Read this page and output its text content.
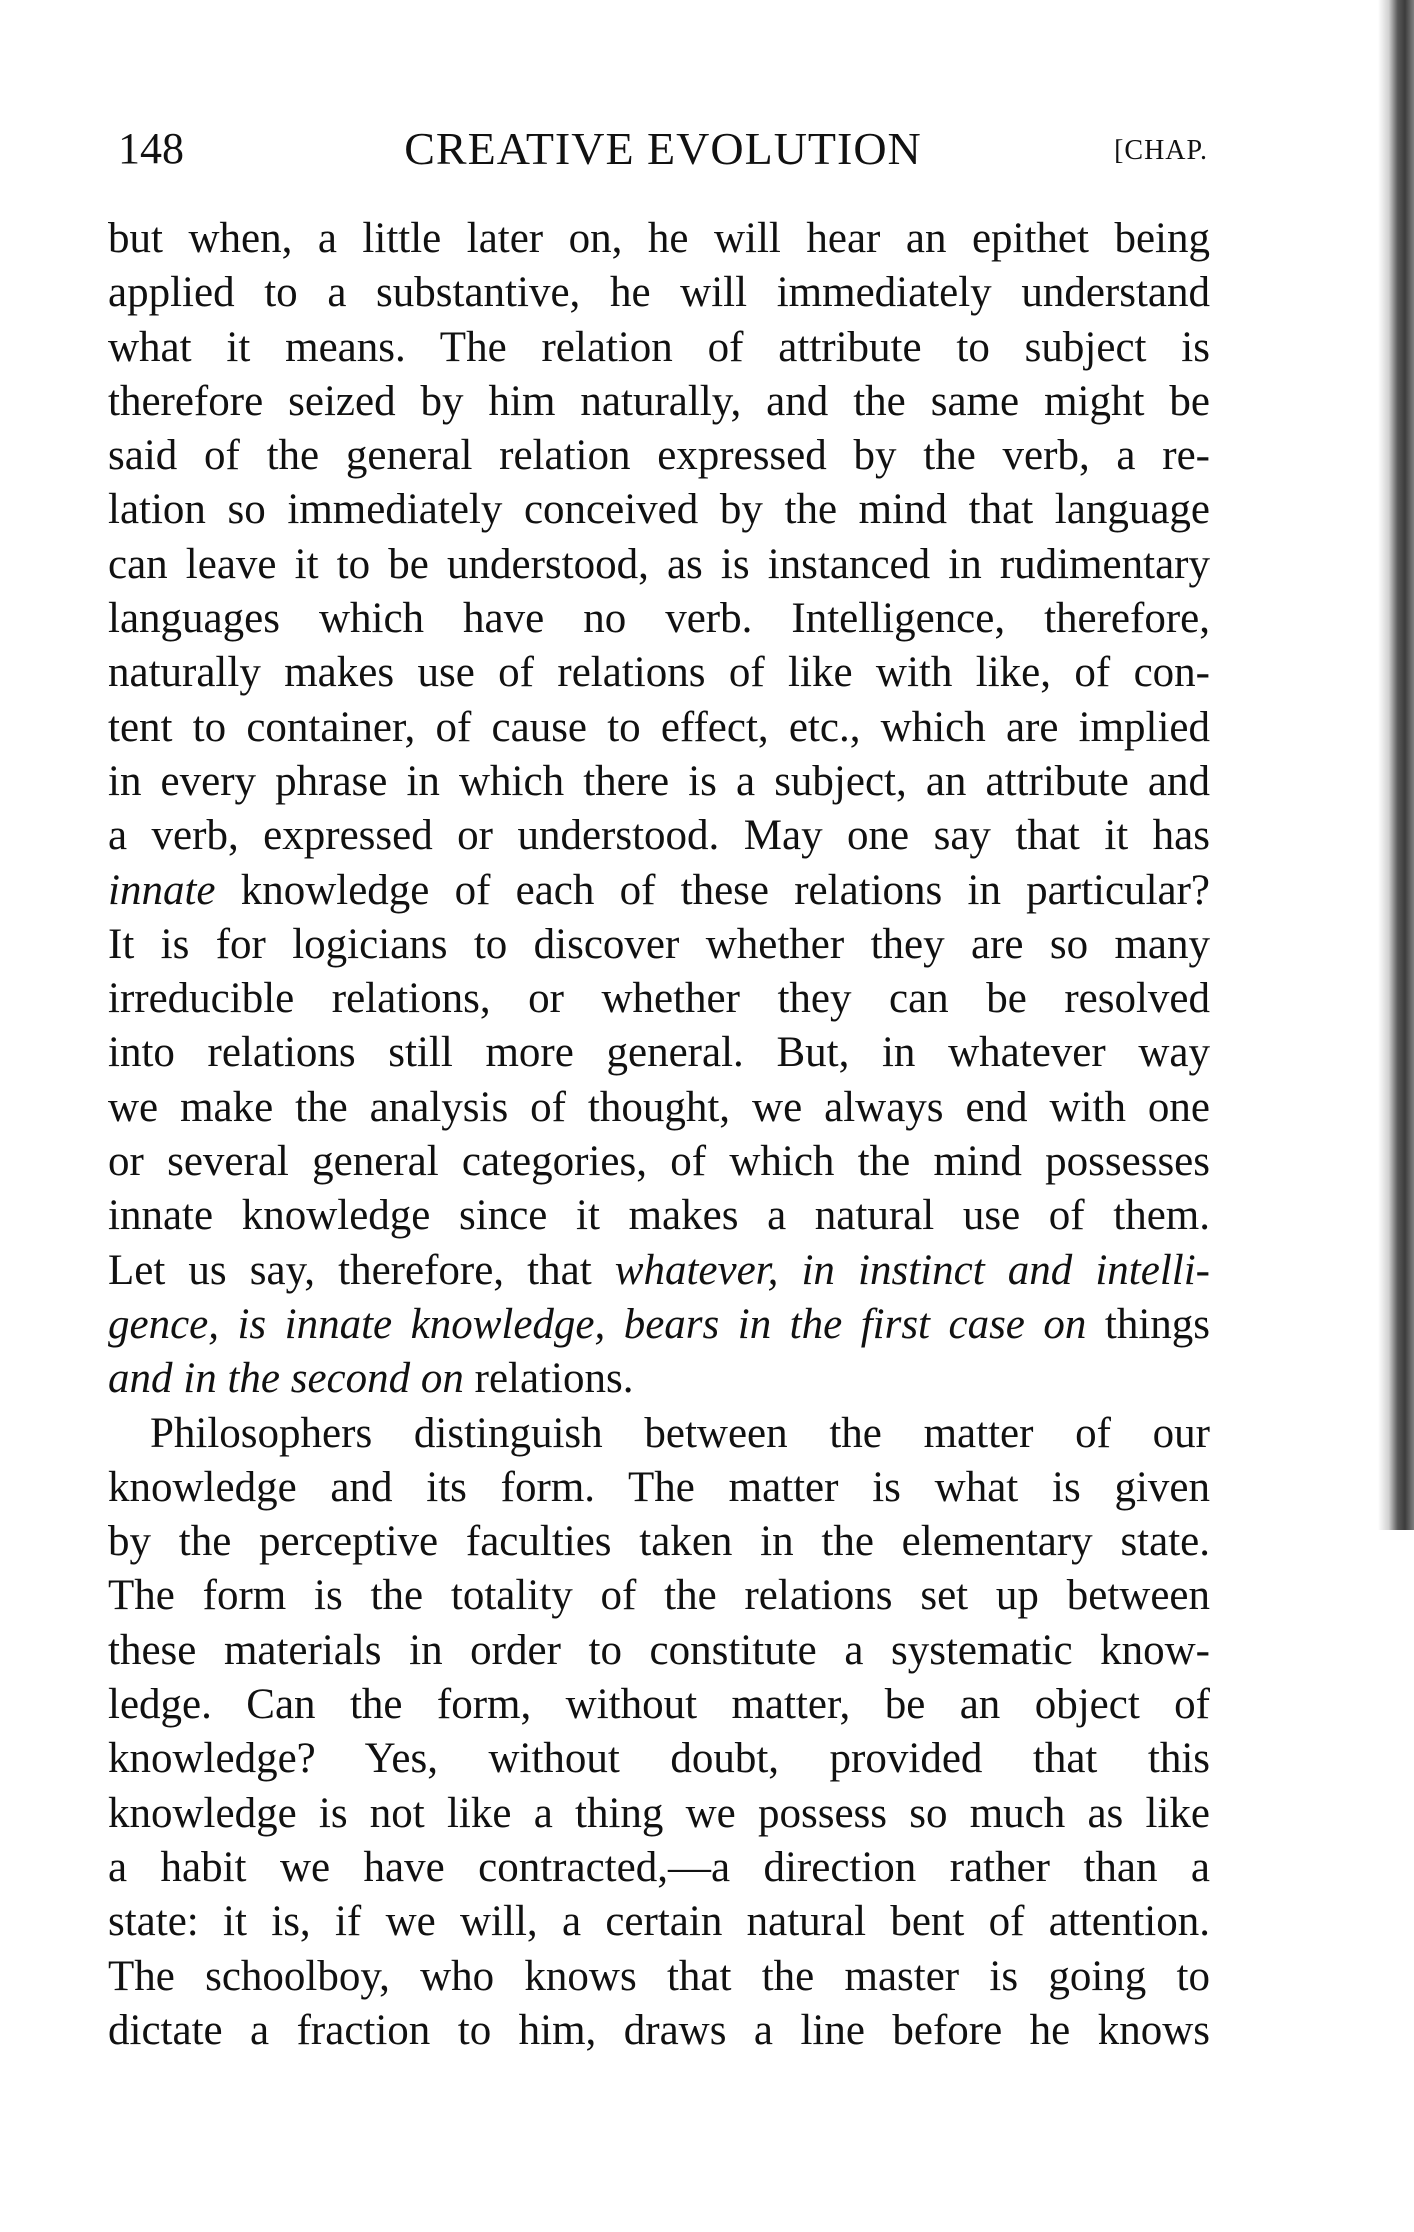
148	CREATIVE EVOLUTION	[CHAP.
but when, a little later on, he will hear an epithet being
applied to a substantive, he will immediately understand
what it means. The relation of attribute to subject is
therefore seized by him naturally, and the same might be
said of the general relation expressed by the verb, a re-
lation so immediately conceived by the mind that language
can leave it to be understood, as is instanced in rudimentary
languages which have no verb. Intelligence, therefore,
naturally makes use of relations of like with like, of con-
tent to container, of cause to effect, etc., which are implied
in every phrase in which there is a subject, an attribute and
a verb, expressed or understood. May one say that it has
innate knowledge of each of these relations in particular?
It is for logicians to discover whether they are so many
irreducible relations, or whether they can be resolved
into relations still more general. But, in whatever way
we make the analysis of thought, we always end with one
or several general categories, of which the mind possesses
innate knowledge since it makes a natural use of them.
Let us say, therefore, that whatever, in instinct and intelli-
gence, is innate knowledge, bears in the first case on things
and in the second on relations.
Philosophers distinguish between the matter of our
knowledge and its form. The matter is what is given
by the perceptive faculties taken in the elementary state.
The form is the totality of the relations set up between
these materials in order to constitute a systematic know-
ledge. Can the form, without matter, be an object of
knowledge? Yes, without doubt, provided that this
knowledge is not like a thing we possess so much as like
a habit we have contracted,—a direction rather than a
state: it is, if we will, a certain natural bent of attention.
The schoolboy, who knows that the master is going to
dictate a fraction to him, draws a line before he knows
